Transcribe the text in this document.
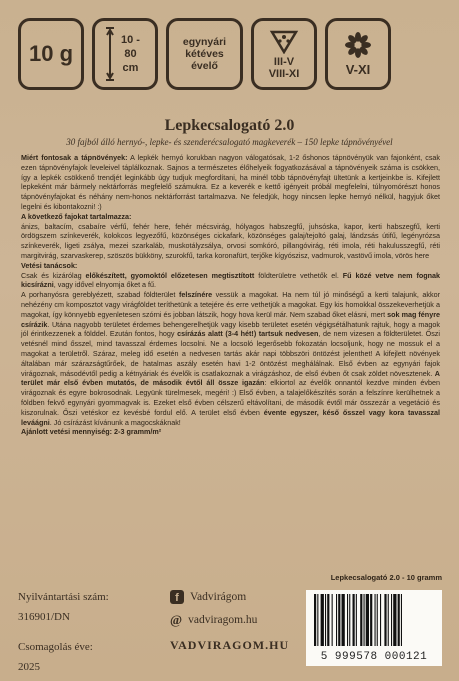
10 g
10 -
80
cm
egynyári
kétéves
évelő	III-V
VIII-XI	V-XI
Lepkecsalogató 2.0
30 fajból álló hernyó-, lepke- és szenderécsalogató magkeverék – 150 lepke tápnövényével

Miért fontosak a tápnövények: A lepkék hernyó korukban nagyon válogatósak, 1-2 őshonos tápnövényük van fajonként, csak ezen tápnövényfajok leveleivel táplálkoznak. Sajnos a természetes élőhelyeik fogyatkozásával a tápnövényeik száma is csökken, így a lepkék csökkenő trendjét leginkább úgy tudjuk megfordítani, ha minél több tápnövényfajt ültetünk a kertjeinkbe is. Kifejlett lepkeként már bármely nektárforrás megfelelő számukra. Ez a keverék e kettő igényeit próbál megfelelni, túlnyomórészt honos tápnövényfajokat és néhány nem-honos nektárforrást tartalmazva. Ne feledjük, hogy nincsen lepke hernyó nélkül, hagyjuk őket legelni és kibontakozni! :)

A következő fajokat tartalmazza:

ánizs, baltacím, csabaíre vérfű, fehér here, fehér mécsvirág, hólyagos habszegfű, juhsóska, kapor, kerti habszegfű, kerti ördögszem színkeverék, kolokcos legyezőfű, közönséges cickafark, közönséges galaj/tejoltó galaj, lándzsás útifű, legényrózsa színkeverék, ligeti zsálya, mezei szarkaláb, muskotályzsálya, orvosi somkóró, pillangóvirág, réti imola, réti hakulusszegfű, réti margitvirág, szarvaskerep, szöszös bükköny, szurokfű, tarka koronafürt, terjőke kígyószisz, vadmurok, vastövű imola, vörös here

Vetési tanácsok:

Csak és kizárólag előkészített, gyomoktól előzetesen megtisztított földterületre vethetők el. Fű közé vetve nem fognak kicsírázni, vagy idővel elnyomja őket a fű.

A porhanyósra gereblyézett, szabad földterület felszínére vessük a magokat. Ha nem túl jó minőségű a kerti talajunk, akkor nehézény cm komposztot vagy virágföldet teríthetünk a tetejére és erre vethetjük a magokat. Egy kis homokkal összekeverhetjük a magokat, így könnyebb egyenletesen szórni és jobban látszik, hogy hova kerül már. Nem szabad őket elásni, mert sok mag fényre csírázik. Utána nagyobb területet érdemes behengerelhetjük vagy kisebb területet esetén végigsétálhatunk rajtuk, hogy a magok jól érintkezzenek a földdel. Ezután fontos, hogy csírázás alatt (3-4 hét!) tartsuk nedvesen, de nem vizesen a földterületet. Őszi vetésnél mind ősszel, mind tavasszal érdemes locsolni. Ne a locsoló legerősebb fokozatán locsoljunk, hogy ne mossuk el a magokat a területről. Száraz, meleg idő esetén a nedvesen tartás akár napi többszöri öntözést jelenthet! A kifejlett növények általában már szárazságtűrőek, de hatalmas aszály esetén havi 1-2 öntözést meghálálnak. Első évben az egynyári fajok virágoznak, másodévtől pedig a kétnyáriak és évelők is csatlakoznak a virágzáshoz, de első évben őt csak zöldet növesztenek. A terület már első évben mutatós, de második évtől áll össze igazán: elkiortol az évelők onnantól kezdve minden évben virágoznak és egyre bokrosodnak. Legyünk türelmesek, megéri! :) Első évben, a talajelőkészítés során a felszínre kerülhetnek a földben fekvő egynyári gyommagvak is. Ezeket első évben célszerű eltávolítani, de második évtől már összezár a vegetáció és kiszorulnak. Őszi vetéskor ez kevésbé fordul elő. A terület első évben évente egyszer, késő ősszel vagy kora tavasszal leváágni. Jó csírázást kívánunk a magocskáknak!

Ajánlott vetési mennyiség: 2-3 gramm/m²

Lepkecsalogató 2.0 - 10 gramm
Nyilvántartási szám:
316901/DN
Csomagolás éve:
2025
f Vadvirágom
@ vadviragom.hu
VADVIRAGOM.HU
5 999578 000121
